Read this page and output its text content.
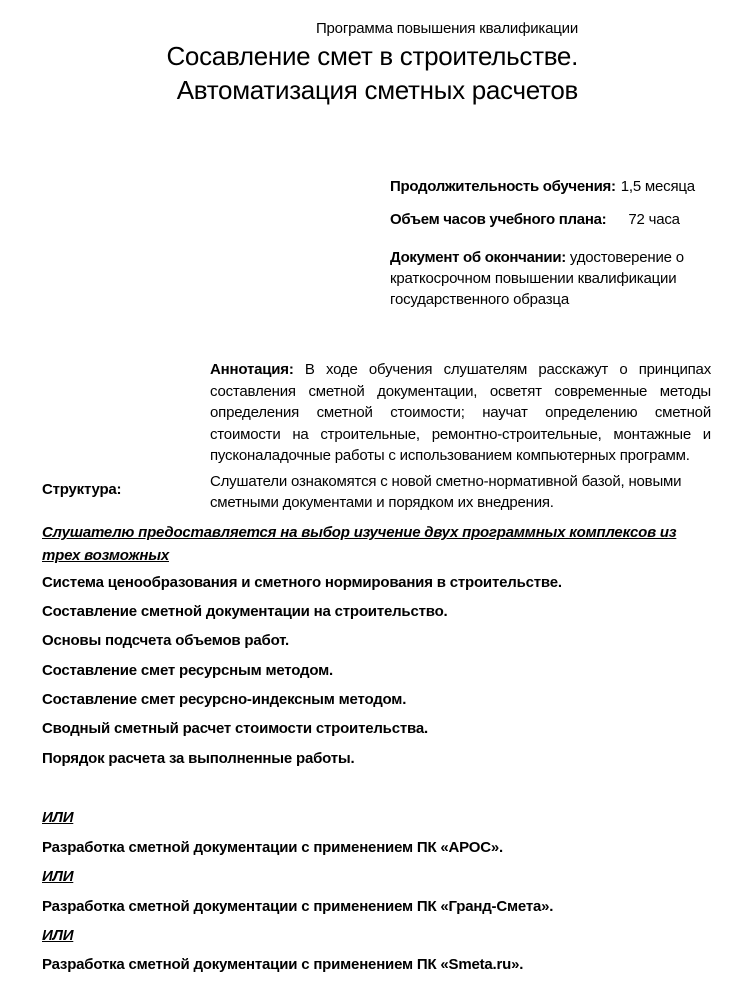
Программа повышения квалификации
Сосавление смет в строительстве.
Автоматизация сметных расчетов
Продолжительность обучения: 1,5 месяца
Объем часов учебного плана: 72 часа
Документ об окончании: удостоверение о краткосрочном повышении квалификации государственного образца

Аннотация: В ходе обучения слушателям расскажут о принципах составления сметной документации, осветят современные методы определения сметной стоимости; научат определению сметной стоимости на строительные, ремонтно-строительные, монтажные и пусконаладочные работы с использованием компьютерных программ.

Слушатели ознакомятся с новой сметно-нормативной базой, новыми сметными документами и порядком их внедрения.

Структура:
Слушателю предоставляется на выбор изучение двух программных комплексов из трех возможных
Система ценообразования и сметного нормирования в строительстве.
Составление сметной документации на строительство.
Основы подсчета объемов работ.
Составление смет ресурсным методом.
Составление смет ресурсно-индексным методом.
Сводный сметный расчет стоимости строительства.
Порядок расчета за выполненные работы.
ИЛИ
Разработка сметной документации с применением ПК «АРОС».
ИЛИ
Разработка сметной документации с применением ПК «Гранд-Смета».
ИЛИ
Разработка сметной документации с применением ПК «Smeta.ru».
